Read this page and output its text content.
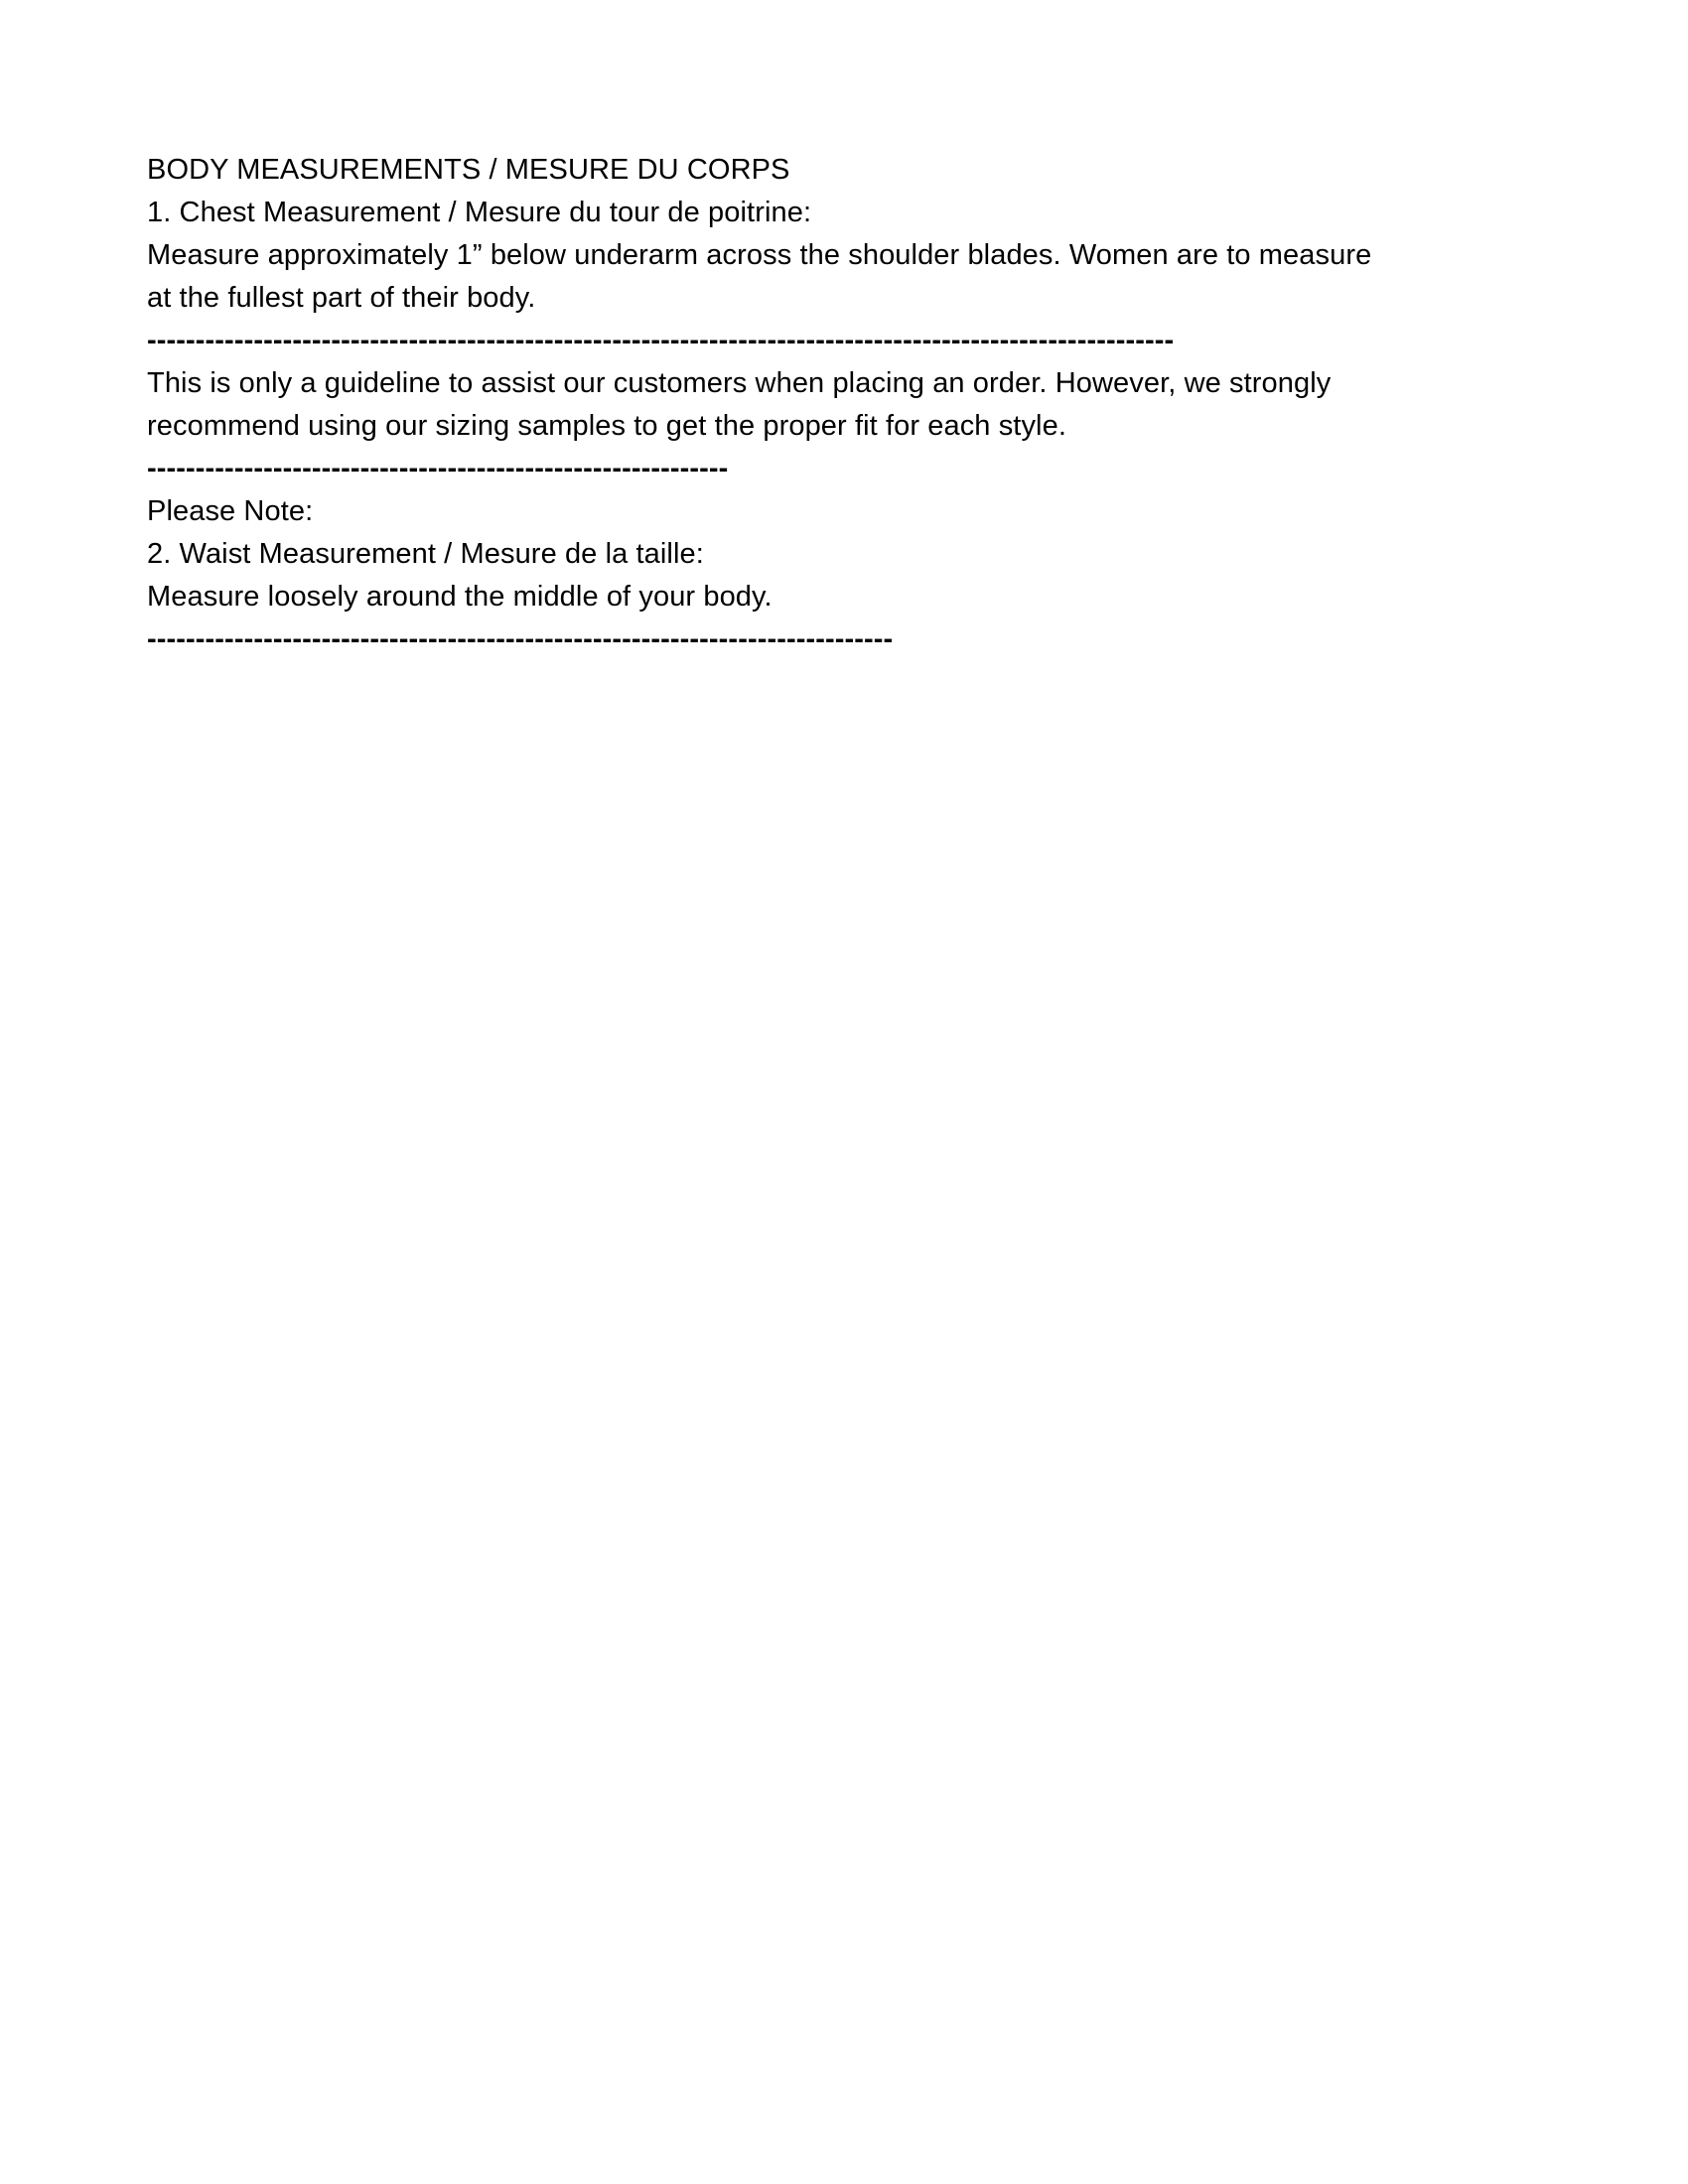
BODY MEASUREMENTS / MESURE DU CORPS

1. Chest Measurement / Mesure du tour de poitrine:

Measure approximately 1” below underarm across the shoulder blades. Women are to measure

at the fullest part of their body.

----------------------------------------------------------------------------------------------------------

This is only a guideline to assist our customers when placing an order. However, we strongly

recommend using our sizing samples to get the proper fit for each style.

------------------------------------------------------------

Please Note:

2. Waist Measurement / Mesure de la taille:

Measure loosely around the middle of your body.

-----------------------------------------------------------------------------
